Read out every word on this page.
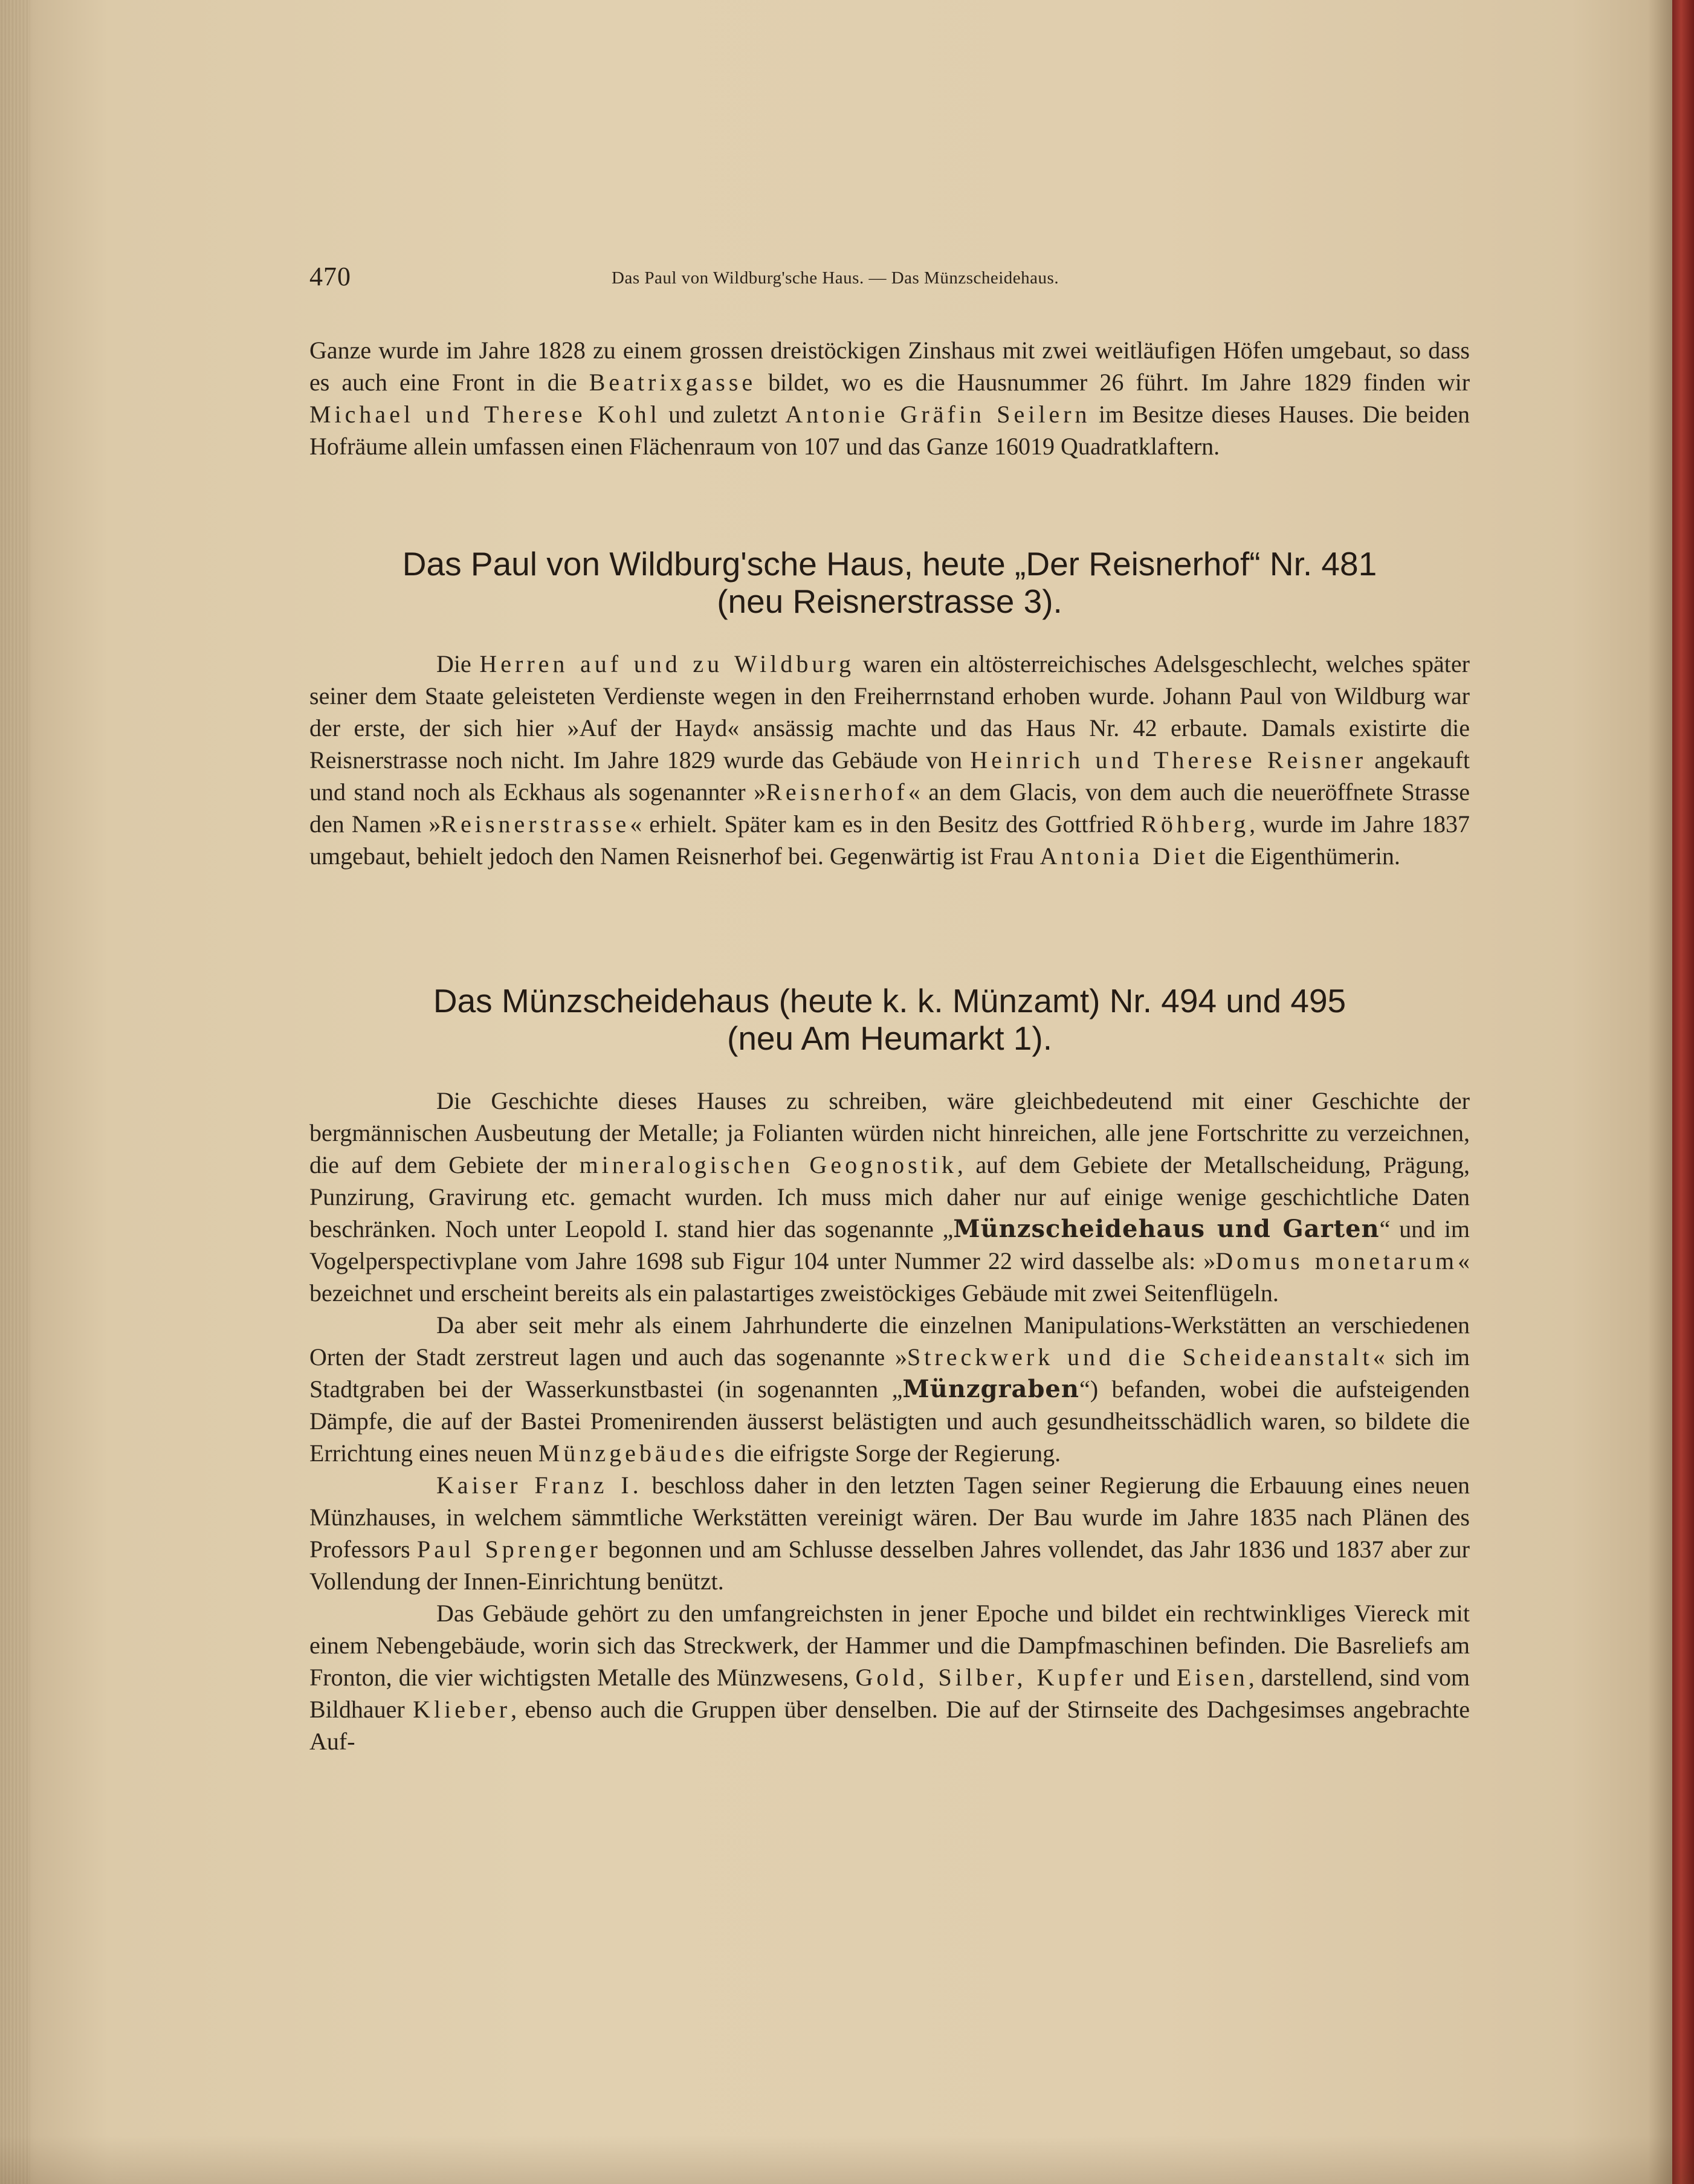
470	Das Paul von Wildburg'sche Haus. — Das Münzscheidehaus.

Ganze wurde im Jahre 1828 zu einem grossen dreistöckigen Zinshaus mit zwei weitläufigen Höfen umgebaut, so dass es auch eine Front in die Beatrixgasse bildet, wo es die Hausnummer 26 führt. Im Jahre 1829 finden wir Michael und Therese Kohl und zuletzt Antonie Gräfin Seilern im Besitze dieses Hauses. Die beiden Hofräume allein umfassen einen Flächenraum von 107 und das Ganze 16019 Quadratklaftern.

Das Paul von Wildburg'sche Haus, heute „Der Reisnerhof“ Nr. 481
(neu Reisnerstrasse 3).

Die Herren auf und zu Wildburg waren ein altösterreichisches Adelsgeschlecht, welches später seiner dem Staate geleisteten Verdienste wegen in den Freiherrnstand erhoben wurde. Johann Paul von Wildburg war der erste, der sich hier »Auf der Hayd« ansässig machte und das Haus Nr. 42 erbaute. Damals existirte die Reisnerstrasse noch nicht. Im Jahre 1829 wurde das Gebäude von Heinrich und Therese Reisner angekauft und stand noch als Eckhaus als sogenannter »Reisnerhof« an dem Glacis, von dem auch die neueröffnete Strasse den Namen »Reisnerstrasse« erhielt. Später kam es in den Besitz des Gottfried Röhberg, wurde im Jahre 1837 umgebaut, behielt jedoch den Namen Reisnerhof bei. Gegenwärtig ist Frau Antonia Diet die Eigenthümerin.

Das Münzscheidehaus (heute k. k. Münzamt) Nr. 494 und 495
(neu Am Heumarkt 1).

Die Geschichte dieses Hauses zu schreiben, wäre gleichbedeutend mit einer Geschichte der bergmännischen Ausbeutung der Metalle; ja Folianten würden nicht hinreichen, alle jene Fortschritte zu verzeichnen, die auf dem Gebiete der mineralogischen Geognostik, auf dem Gebiete der Metallscheidung, Prägung, Punzirung, Gravirung etc. gemacht wurden. Ich muss mich daher nur auf einige wenige geschichtliche Daten beschränken. Noch unter Leopold I. stand hier das sogenannte „Münzscheidehaus und Garten“ und im Vogelperspectivplane vom Jahre 1698 sub Figur 104 unter Nummer 22 wird dasselbe als: »Domus monetarum« bezeichnet und erscheint bereits als ein palastartiges zweistöckiges Gebäude mit zwei Seitenflügeln.

Da aber seit mehr als einem Jahrhunderte die einzelnen Manipulations-Werkstätten an verschiedenen Orten der Stadt zerstreut lagen und auch das sogenannte »Streckwerk und die Scheideanstalt« sich im Stadtgraben bei der Wasserkunstbastei (in sogenannten „Münzgraben“) befanden, wobei die aufsteigenden Dämpfe, die auf der Bastei Promenirenden äusserst belästigten und auch gesundheitsschädlich waren, so bildete die Errichtung eines neuen Münzgebäudes die eifrigste Sorge der Regierung.

Kaiser Franz I. beschloss daher in den letzten Tagen seiner Regierung die Erbauung eines neuen Münzhauses, in welchem sämmtliche Werkstätten vereinigt wären. Der Bau wurde im Jahre 1835 nach Plänen des Professors Paul Sprenger begonnen und am Schlusse desselben Jahres vollendet, das Jahr 1836 und 1837 aber zur Vollendung der Innen-Einrichtung benützt.

Das Gebäude gehört zu den umfangreichsten in jener Epoche und bildet ein rechtwinkliges Viereck mit einem Nebengebäude, worin sich das Streckwerk, der Hammer und die Dampfmaschinen befinden. Die Basreliefs am Fronton, die vier wichtigsten Metalle des Münzwesens, Gold, Silber, Kupfer und Eisen, darstellend, sind vom Bildhauer Klieber, ebenso auch die Gruppen über denselben. Die auf der Stirnseite des Dachgesimses angebrachte Auf-
